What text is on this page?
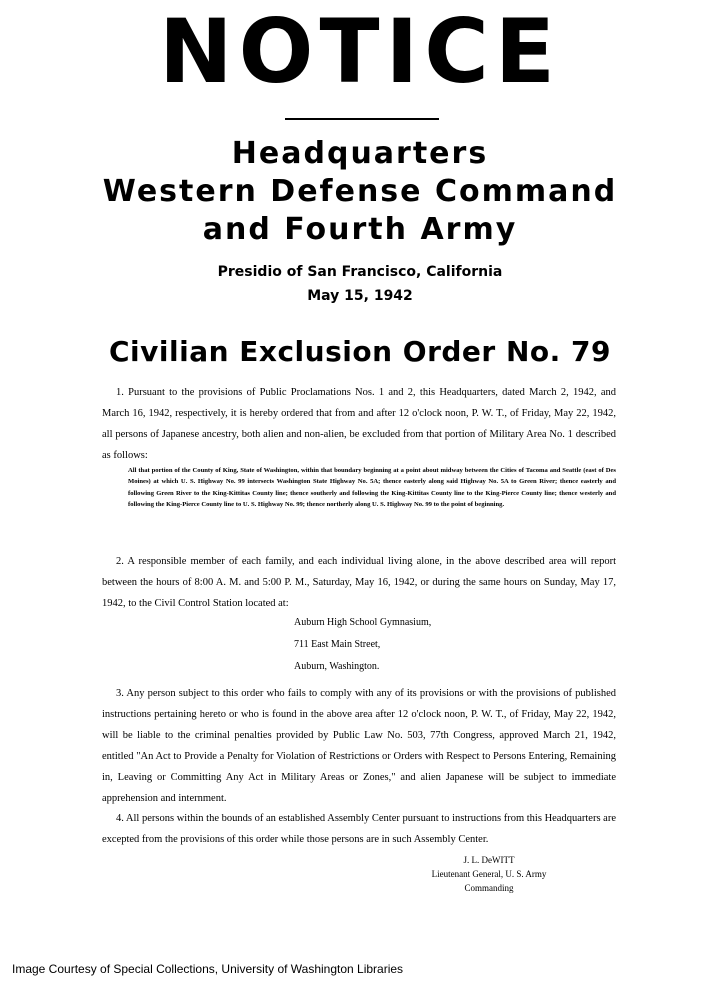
NOTICE
Headquarters
Western Defense Command
and Fourth Army
Presidio of San Francisco, California
May 15, 1942
Civilian Exclusion Order No. 79
1. Pursuant to the provisions of Public Proclamations Nos. 1 and 2, this Headquarters, dated March 2, 1942, and March 16, 1942, respectively, it is hereby ordered that from and after 12 o'clock noon, P. W. T., of Friday, May 22, 1942, all persons of Japanese ancestry, both alien and non-alien, be excluded from that portion of Military Area No. 1 described as follows:
All that portion of the County of King, State of Washington, within that boundary beginning at a point about midway between the Cities of Tacoma and Seattle (east of Des Moines) at which U. S. Highway No. 99 intersects Washington State Highway No. 5A; thence easterly along said Highway No. 5A to Green River; thence easterly and following Green River to the King-Kittitas County line; thence southerly and following the King-Kittitas County line to the King-Pierce County line; thence westerly and following the King-Pierce County line to U. S. Highway No. 99; thence northerly along U. S. Highway No. 99 to the point of beginning.
2. A responsible member of each family, and each individual living alone, in the above described area will report between the hours of 8:00 A. M. and 5:00 P. M., Saturday, May 16, 1942, or during the same hours on Sunday, May 17, 1942, to the Civil Control Station located at:
Auburn High School Gymnasium,
711 East Main Street,
Auburn, Washington.
3. Any person subject to this order who fails to comply with any of its provisions or with the provisions of published instructions pertaining hereto or who is found in the above area after 12 o'clock noon, P. W. T., of Friday, May 22, 1942, will be liable to the criminal penalties provided by Public Law No. 503, 77th Congress, approved March 21, 1942, entitled "An Act to Provide a Penalty for Violation of Restrictions or Orders with Respect to Persons Entering, Remaining in, Leaving or Committing Any Act in Military Areas or Zones," and alien Japanese will be subject to immediate apprehension and internment.
4. All persons within the bounds of an established Assembly Center pursuant to instructions from this Headquarters are excepted from the provisions of this order while those persons are in such Assembly Center.
J. L. DeWITT
Lieutenant General, U. S. Army
Commanding
Image Courtesy of Special Collections, University of Washington Libraries
